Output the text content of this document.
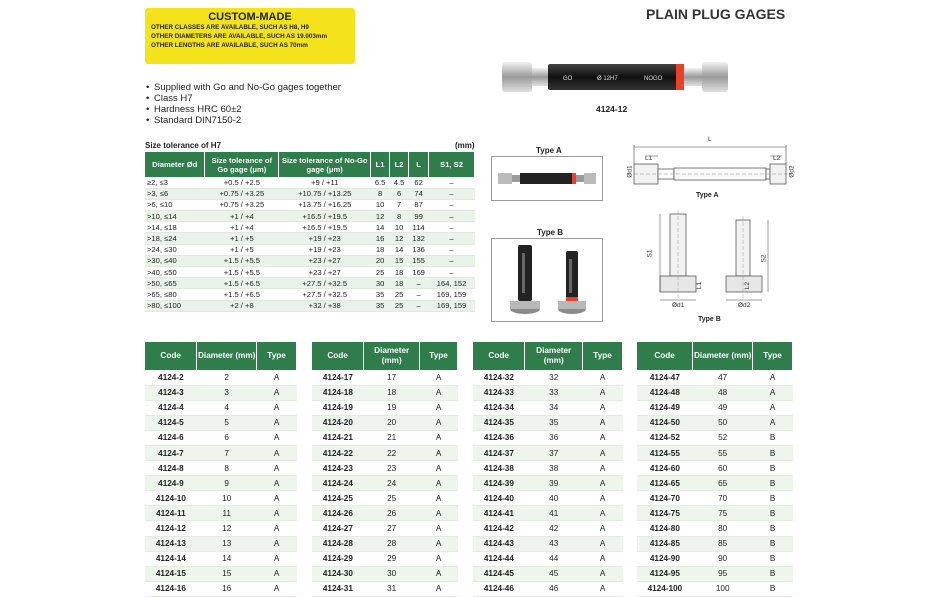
PLAIN PLUG GAGES
CUSTOM-MADE
OTHER CLASSES ARE AVAILABLE, SUCH AS H8, H9
OTHER DIAMETERS ARE AVAILABLE, SUCH AS 19.003mm
OTHER LENGTHS ARE AVAILABLE, SUCH AS 70mm
• Supplied with Go and No-Go gages together
• Class H7
• Hardness HRC 60±2
• Standard DIN7150-2
GO	Ø 12H7	NOGO
4124-12
Size tolerance of H7	(mm)
Diameter Ød	Size tolerance of Go gage (μm)	Size tolerance of No-Go gage (μm)	L1	L2	L	S1, S2
≥2, ≤3	+0.5 / +2.5	+9 / +11	6.5	4.5	62	–
>3, ≤6	+0.75 / +3.25	+10.75 / +13.25	8	6	74	–
>6, ≤10	+0.75 / +3.25	+13.75 / +16.25	10	7	87	–
>10, ≤14	+1 / +4	+16.5 / +19.5	12	8	99	–
>14, ≤18	+1 / +4	+16.5 / +19.5	14	10	114	–
>18, ≤24	+1 / +5	+19 / +23	16	12	132	–
>24, ≤30	+1 / +5	+19 / +23	18	14	136	–
>30, ≤40	+1.5 / +5.5	+23 / +27	20	15	155	–
>40, ≤50	+1.5 / +5.5	+23 / +27	25	18	169	–
>50, ≤65	+1.5 / +6.5	+27.5 / +32.5	30	18	–	164, 152
>65, ≤80	+1.5 / +6.5	+27.5 / +32.5	35	25	–	169, 159
>80, ≤100	+2 / +8	+32 / +38	35	25	–	169, 159
Type A
Type B
L
L1	L2
Ød1	Ød2
Type A
S1
S2
L1	L2
Ød1	Ød2
Type B
Code	Diameter (mm)	Type
4124-2	2	A
4124-3	3	A
4124-4	4	A
4124-5	5	A
4124-6	6	A
4124-7	7	A
4124-8	8	A
4124-9	9	A
4124-10	10	A
4124-11	11	A
4124-12	12	A
4124-13	13	A
4124-14	14	A
4124-15	15	A
4124-16	16	A
Code	Diameter (mm)	Type
4124-17	17	A
4124-18	18	A
4124-19	19	A
4124-20	20	A
4124-21	21	A
4124-22	22	A
4124-23	23	A
4124-24	24	A
4124-25	25	A
4124-26	26	A
4124-27	27	A
4124-28	28	A
4124-29	29	A
4124-30	30	A
4124-31	31	A
Code	Diameter (mm)	Type
4124-32	32	A
4124-33	33	A
4124-34	34	A
4124-35	35	A
4124-36	36	A
4124-37	37	A
4124-38	38	A
4124-39	39	A
4124-40	40	A
4124-41	41	A
4124-42	42	A
4124-43	43	A
4124-44	44	A
4124-45	45	A
4124-46	46	A
Code	Diameter (mm)	Type
4124-47	47	A
4124-48	48	A
4124-49	49	A
4124-50	50	A
4124-52	52	B
4124-55	55	B
4124-60	60	B
4124-65	65	B
4124-70	70	B
4124-75	75	B
4124-80	80	B
4124-85	85	B
4124-90	90	B
4124-95	95	B
4124-100	100	B
